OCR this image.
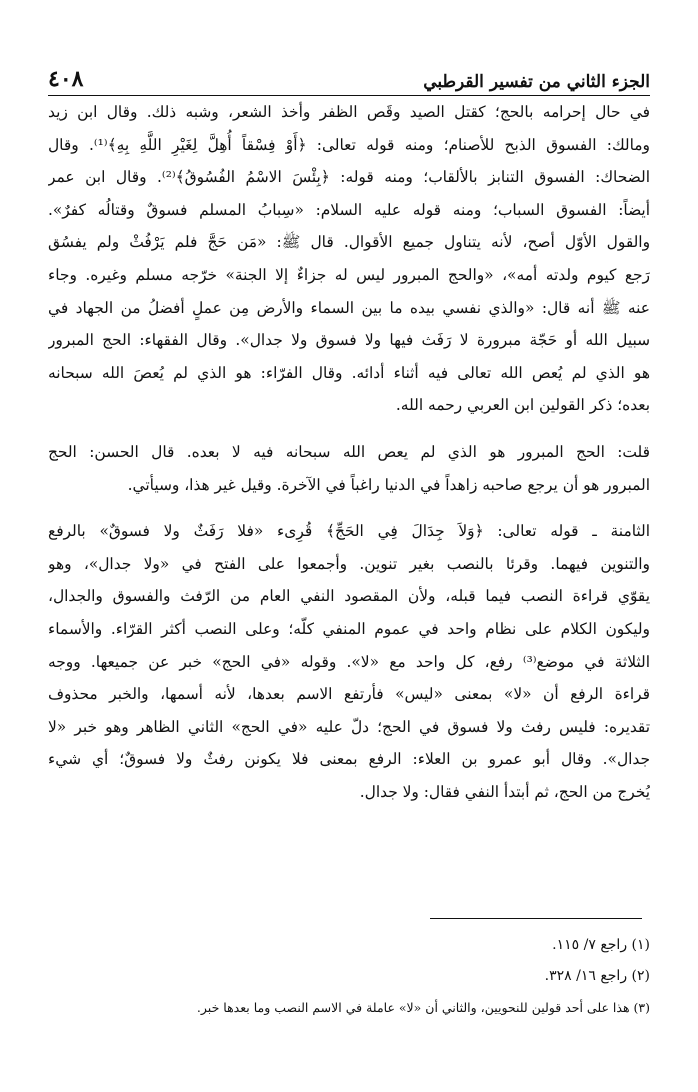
٤٠٨	الجزء الثاني من تفسير القرطبي
في حال إحرامه بالحج؛ كقتل الصيد وقَص الظفر وأخذ الشعر، وشبه ذلك. وقال ابن زيد
ومالك: الفسوق الذبح للأصنام؛ ومنه قوله تعالى: ﴿أَوْ فِسْقاً أُهِلَّ لِغَيْرِ اللَّهِ بِهِ﴾⁽¹⁾. وقال
الضحاك: الفسوق التنابز بالألقاب؛ ومنه قوله: ﴿بِئْسَ الاسْمُ الفُسُوقُ﴾⁽²⁾. وقال ابن عمر
أيضاً: الفسوق السباب؛ ومنه قوله عليه السلام: «سِبابُ المسلم فسوقٌ وقتالُه كفرٌ».
والقول الأوّل أصح، لأنه يتناول جميع الأقوال. قال ﷺ: «مَن حَجَّ فلم يَرْفُثْ ولم يفسُق
رَجع كيوم ولدته أمه»، «والحج المبرور ليس له جزاءٌ إلا الجنة» خرّجه مسلم وغيره. وجاء
عنه ﷺ أنه قال: «والذي نفسي بيده ما بين السماء والأرض مِن عملٍ أفضلُ من الجهاد في
سبيل الله أو حَجّة مبرورة لا رَفَث فيها ولا فسوق ولا جدال». وقال الفقهاء: الحج المبرور
هو الذي لم يُعص الله تعالى فيه أثناء أدائه. وقال الفرّاء: هو الذي لم يُعصَ الله سبحانه
بعده؛ ذكر القولين ابن العربي رحمه الله.
قلت: الحج المبرور هو الذي لم يعص الله سبحانه فيه لا بعده. قال الحسن: الحج
المبرور هو أن يرجع صاحبه زاهداً في الدنيا راغباً في الآخرة. وقيل غير هذا، وسيأتي.
الثامنة ـ قوله تعالى: ﴿وَلاَ جِدَالَ فِي الحَجِّ﴾ قُرِىء «فلا رَفَثٌ ولا فسوقٌ» بالرفع
والتنوين فيهما. وقرئا بالنصب بغير تنوين. وأجمعوا على الفتح في «ولا جدال»، وهو
يقوّي قراءة النصب فيما قبله، ولأن المقصود النفي العام من الرّفث والفسوق والجدال،
وليكون الكلام على نظام واحد في عموم المنفي كلّه؛ وعلى النصب أكثر القرّاء. والأسماء
الثلاثة في موضع⁽³⁾ رفع، كل واحد مع «لا». وقوله «في الحج» خبر عن جميعها. ووجه
قراءة الرفع أن «لا» بمعنى «ليس» فأرتفع الاسم بعدها، لأنه أسمها، والخبر محذوف
تقديره: فليس رفث ولا فسوق في الحج؛ دلّ عليه «في الحج» الثاني الظاهر وهو خبر «لا
جدال». وقال أبو عمرو بن العلاء: الرفع بمعنى فلا يكونن رفثٌ ولا فسوقٌ؛ أي شيء
يُخرج من الحج، ثم أبتدأ النفي فقال: ولا جدال.
(١) راجع ٧/ ١١٥.
(٢) راجع ١٦/ ٣٢٨.
(٣) هذا على أحد قولين للنحويين، والثاني أن «لا» عاملة في الاسم النصب وما بعدها خبر.
